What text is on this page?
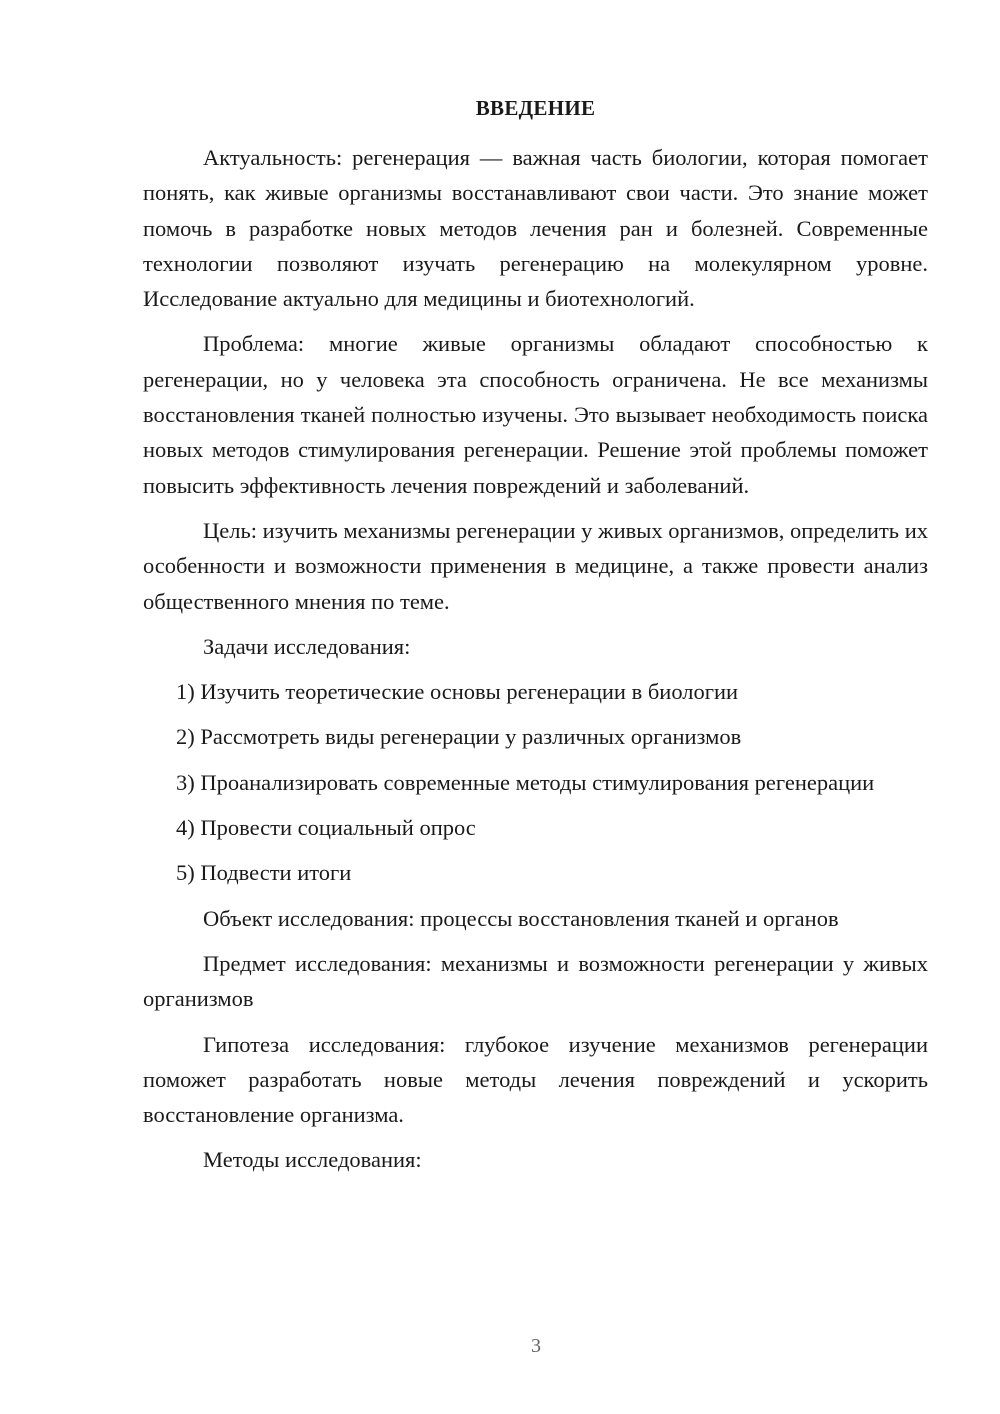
ВВЕДЕНИЕ

Актуальность: регенерация — важная часть биологии, которая помогает понять, как живые организмы восстанавливают свои части. Это знание может помочь в разработке новых методов лечения ран и болезней. Современные технологии позволяют изучать регенерацию на молекулярном уровне. Исследование актуально для медицины и биотехнологий.

Проблема: многие живые организмы обладают способностью к регенерации, но у человека эта способность ограничена. Не все механизмы восстановления тканей полностью изучены. Это вызывает необходимость поиска новых методов стимулирования регенерации. Решение этой проблемы поможет повысить эффективность лечения повреждений и заболеваний.

Цель: изучить механизмы регенерации у живых организмов, определить их особенности и возможности применения в медицине, а также провести анализ общественного мнения по теме.

Задачи исследования:

1) Изучить теоретические основы регенерации в биологии

2) Рассмотреть виды регенерации у различных организмов

3) Проанализировать современные методы стимулирования регенерации

4) Провести социальный опрос

5) Подвести итоги

Объект исследования: процессы восстановления тканей и органов

Предмет исследования: механизмы и возможности регенерации у живых организмов

Гипотеза исследования: глубокое изучение механизмов регенерации поможет разработать новые методы лечения повреждений и ускорить восстановление организма.

Методы исследования:

3
